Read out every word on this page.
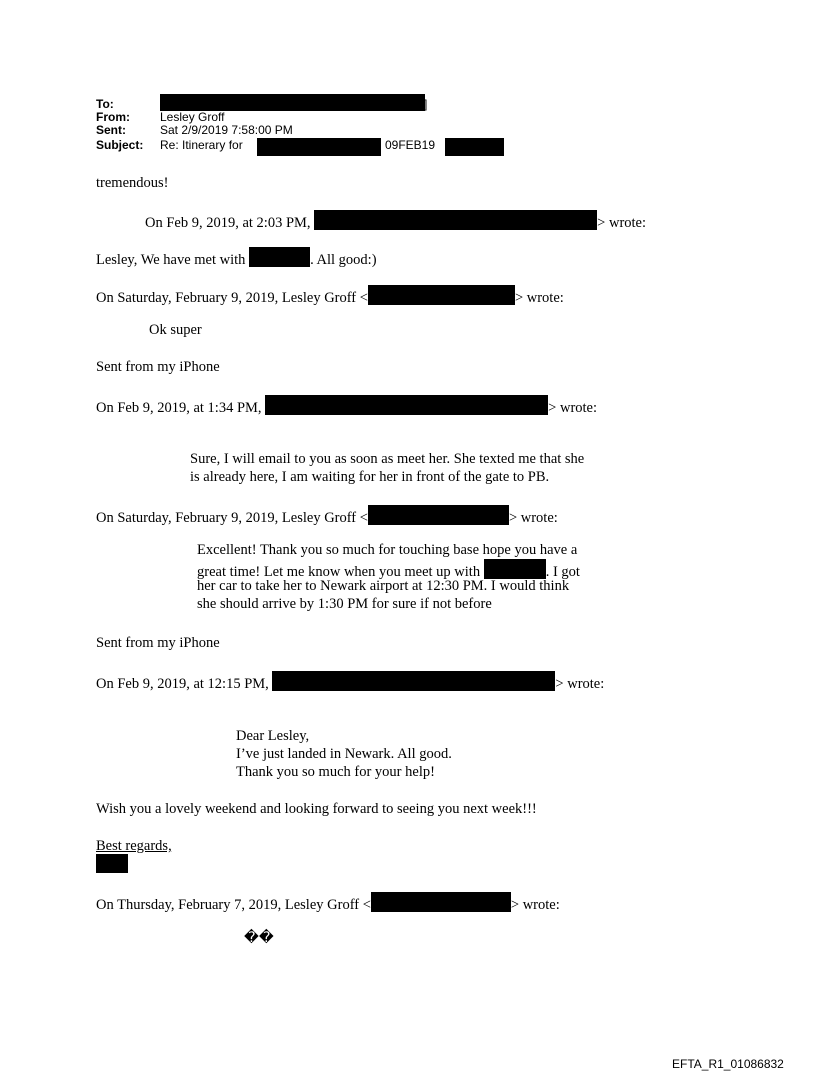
To:	]
From:	Lesley Groff
Sent:	Sat 2/9/2019 7:58:00 PM
Subject: Re: Itinerary for	09FEB19
tremendous!
On Feb 9, 2019, at 2:03 PM,	> wrote:
Lesley, We have met with	. All good:)
On Saturday, February 9, 2019, Lesley Groff <	> wrote:
Ok super
Sent from my iPhone
On Feb 9, 2019, at 1:34 PM,	> wrote:
Sure, I will email to you as soon as meet her. She texted me that she
is already here, I am waiting for her in front of the gate to PB.
On Saturday, February 9, 2019, Lesley Groff <	> wrote:
Excellent! Thank you so much for touching base hope you have a
great time! Let me know when you meet up with	. I got
her car to take her to Newark airport at 12:30 PM. I would think
she should arrive by 1:30 PM for sure if not before
Sent from my iPhone
On Feb 9, 2019, at 12:15 PM,	> wrote:
Dear Lesley,
I’ve just landed in Newark. All good.
Thank you so much for your help!
Wish you a lovely weekend and looking forward to seeing you next week!!!
Best regards,
On Thursday, February 7, 2019, Lesley Groff <	> wrote:
��
EFTA_R1_01086832
